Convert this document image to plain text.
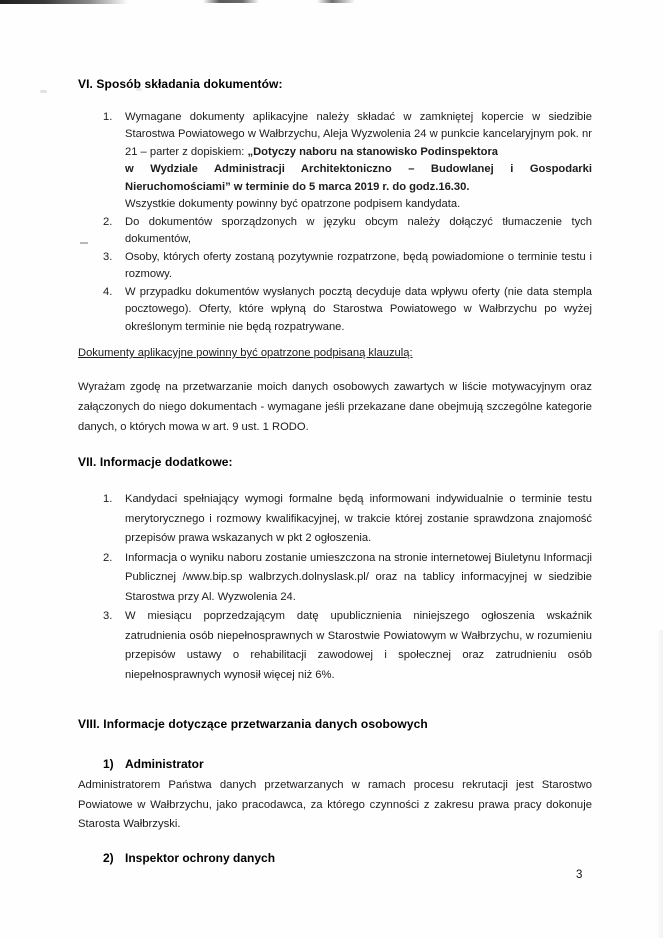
VI. Sposób składania dokumentów:
1.	Wymagane dokumenty aplikacyjne należy składać w zamkniętej kopercie w siedzibie Starostwa Powiatowego w Wałbrzychu, Aleja Wyzwolenia 24 w punkcie kancelaryjnym pok. nr 21 – parter z dopiskiem: „Dotyczy naboru na stanowisko Podinspektora
w Wydziale Administracji Architektoniczno – Budowlanej i Gospodarki Nieruchomościami” w terminie do 5 marca 2019 r. do godz.16.30.
Wszystkie dokumenty powinny być opatrzone podpisem kandydata.
2.	Do dokumentów sporządzonych w języku obcym należy dołączyć tłumaczenie tych dokumentów,
3.	Osoby, których oferty zostaną pozytywnie rozpatrzone, będą powiadomione o terminie testu i rozmowy.
4.	W przypadku dokumentów wysłanych pocztą decyduje data wpływu oferty (nie data stempla pocztowego). Oferty, które wpłyną do Starostwa Powiatowego w Wałbrzychu po wyżej określonym terminie nie będą rozpatrywane.
Dokumenty aplikacyjne powinny być opatrzone podpisaną klauzulą:
Wyrażam zgodę na przetwarzanie moich danych osobowych zawartych w liście motywacyjnym oraz załączonych do niego dokumentach - wymagane jeśli przekazane dane obejmują szczególne kategorie danych, o których mowa w art. 9 ust. 1 RODO.
VII. Informacje dodatkowe:
1.	Kandydaci spełniający wymogi formalne będą informowani indywidualnie o terminie testu merytorycznego i rozmowy kwalifikacyjnej, w trakcie której zostanie sprawdzona znajomość przepisów prawa wskazanych w pkt 2 ogłoszenia.
2.	Informacja o wyniku naboru zostanie umieszczona na stronie internetowej Biuletynu Informacji Publicznej /www.bip.sp walbrzych.dolnyslask.pl/ oraz na tablicy informacyjnej w siedzibie Starostwa przy Al. Wyzwolenia 24.
3.	W miesiącu poprzedzającym datę upublicznienia niniejszego ogłoszenia wskaźnik zatrudnienia osób niepełnosprawnych w Starostwie Powiatowym w Wałbrzychu, w rozumieniu przepisów ustawy o rehabilitacji zawodowej i społecznej oraz zatrudnieniu osób niepełnosprawnych wynosił więcej niż 6%.
VIII. Informacje dotyczące przetwarzania danych osobowych
1) Administrator
Administratorem Państwa danych przetwarzanych w ramach procesu rekrutacji jest Starostwo Powiatowe w Wałbrzychu, jako pracodawca, za którego czynności z zakresu prawa pracy dokonuje Starosta Wałbrzyski.
2) Inspektor ochrony danych
3
